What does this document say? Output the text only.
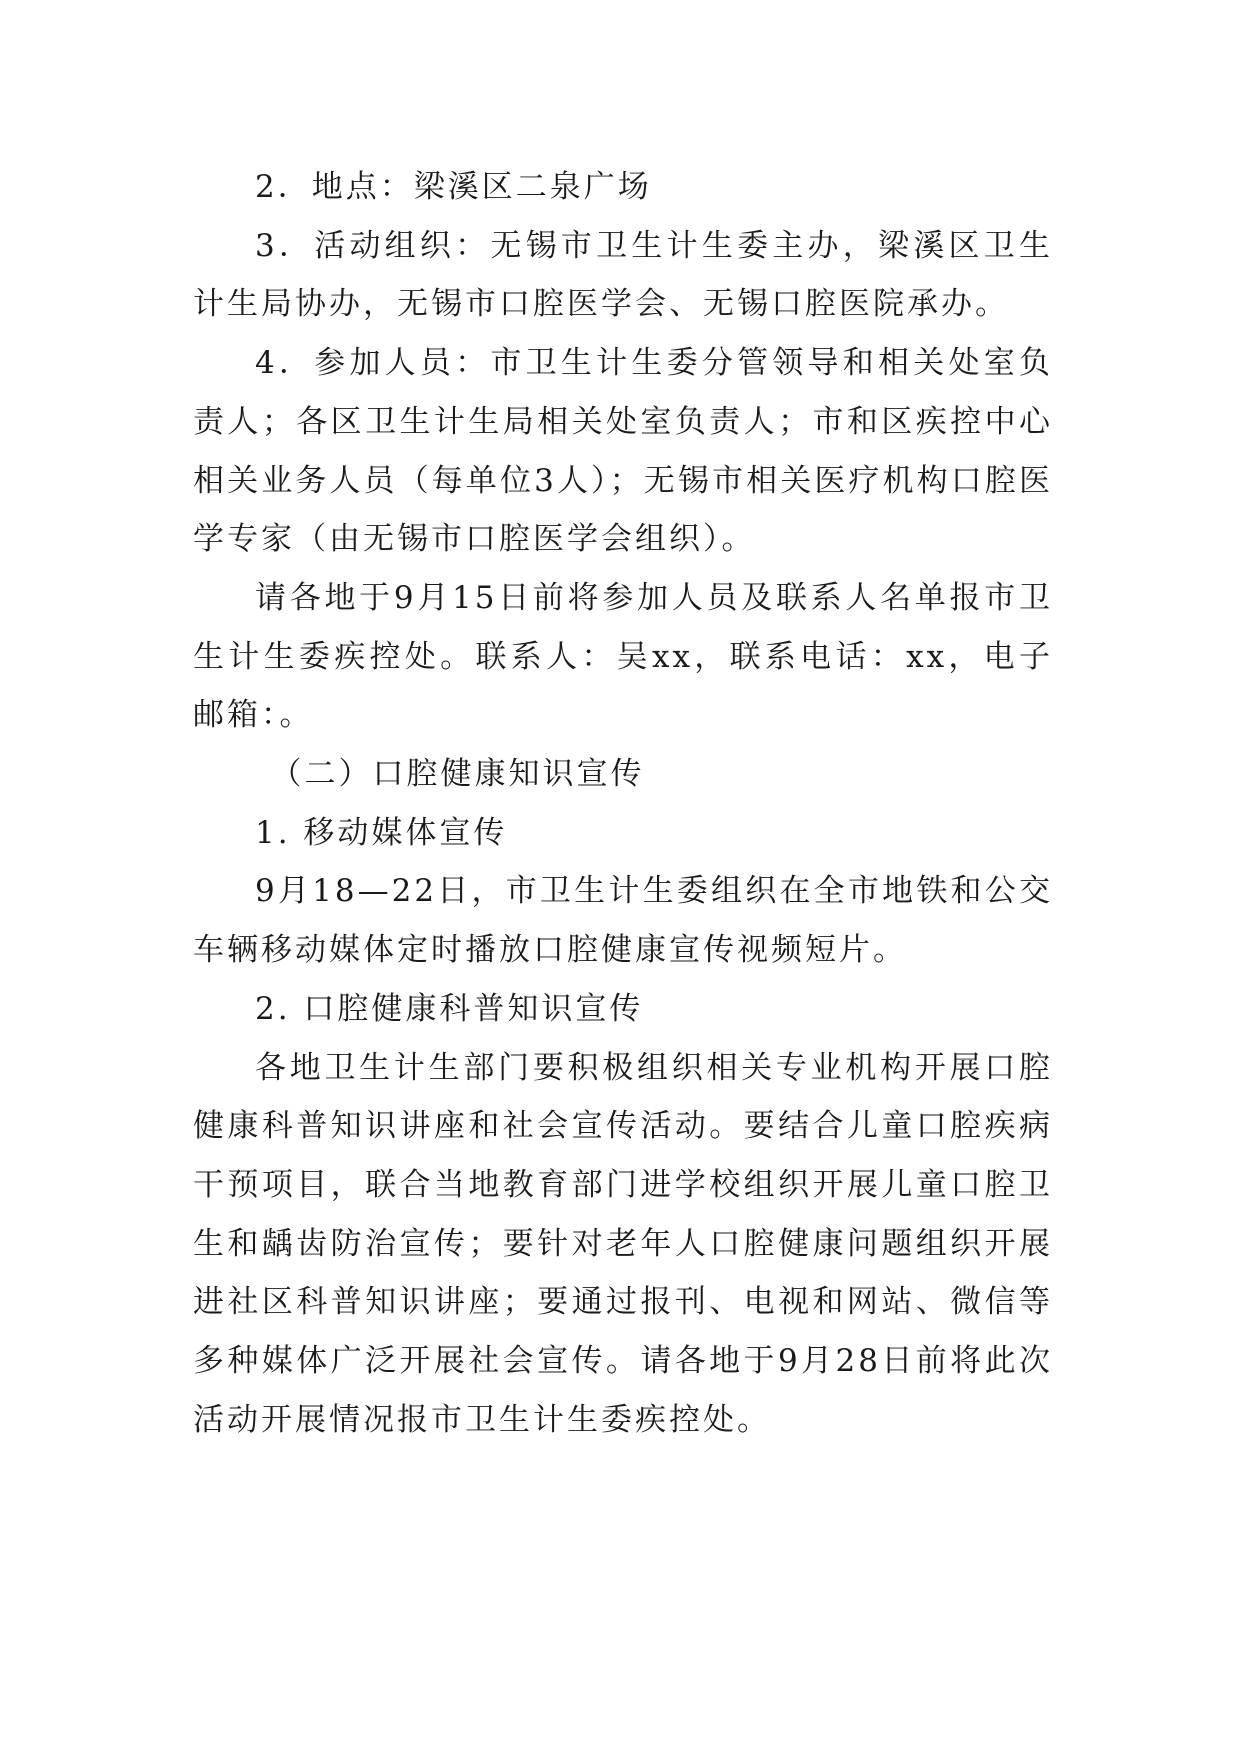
2．地点：梁溪区二泉广场

3．活动组织：无锡市卫生计生委主办，梁溪区卫生计生局协办，无锡市口腔医学会、无锡口腔医院承办。

4．参加人员：市卫生计生委分管领导和相关处室负责人；各区卫生计生局相关处室负责人；市和区疾控中心相关业务人员（每单位3人）；无锡市相关医疗机构口腔医学专家（由无锡市口腔医学会组织）。

请各地于9月15日前将参加人员及联系人名单报市卫生计生委疾控处。联系人：吴xx，联系电话：xx，电子邮箱：。

（二）口腔健康知识宣传

1. 移动媒体宣传

9月18—22日，市卫生计生委组织在全市地铁和公交车辆移动媒体定时播放口腔健康宣传视频短片。

2. 口腔健康科普知识宣传

各地卫生计生部门要积极组织相关专业机构开展口腔健康科普知识讲座和社会宣传活动。要结合儿童口腔疾病干预项目，联合当地教育部门进学校组织开展儿童口腔卫生和龋齿防治宣传；要针对老年人口腔健康问题组织开展进社区科普知识讲座；要通过报刊、电视和网站、微信等多种媒体广泛开展社会宣传。请各地于9月28日前将此次活动开展情况报市卫生计生委疾控处。
